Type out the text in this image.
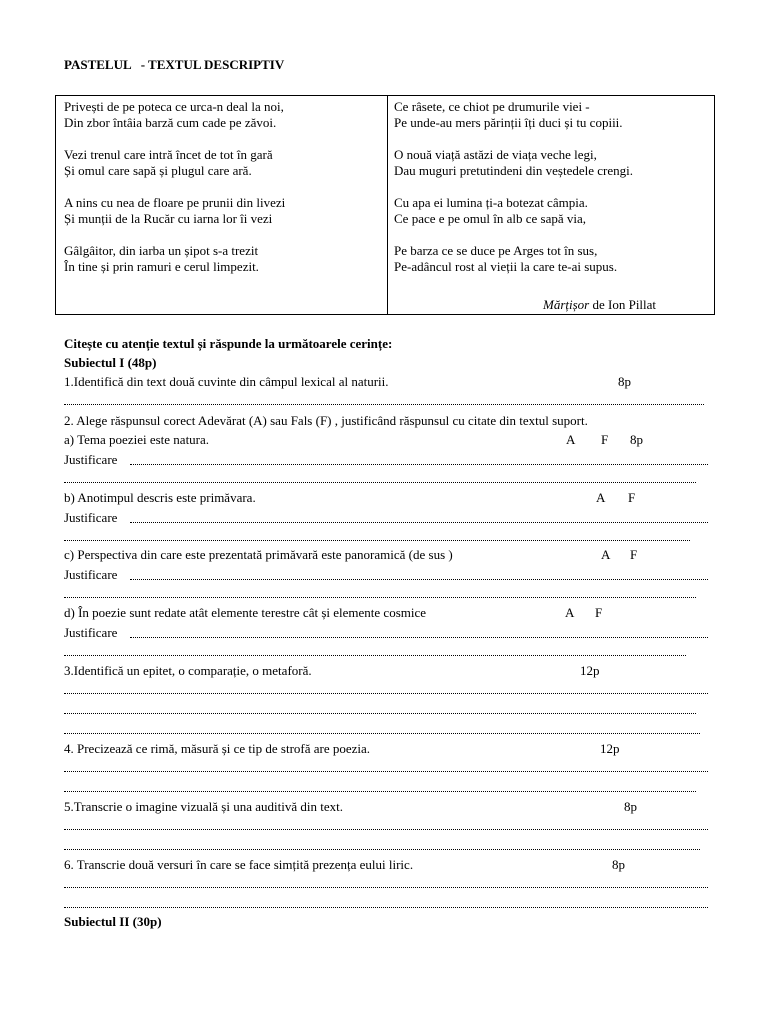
PASTELUL   - TEXTUL DESCRIPTIV
Privești de pe poteca ce urca-n deal la noi,
Din zbor întâia barză cum cade pe zăvoi.
Vezi trenul care intră încet de tot în gară
Și omul care sapă și plugul care ară.
A nins cu nea de floare pe prunii din livezi
Și munții de la Rucăr cu iarna lor îi vezi
Gâlgâitor, din iarba un șipot s-a trezit
În tine și prin ramuri e cerul limpezit.
Ce râsete, ce chiot pe drumurile viei -
Pe unde-au mers părinții îți duci și tu copiii.
O nouă viață astăzi de viața veche legi,
Dau muguri pretutindeni din veștedele crengi.
Cu apa ei lumina ți-a botezat câmpia.
Ce pace e pe omul în alb ce sapă via,
Pe barza ce se duce pe Arges tot în sus,
Pe-adâncul rost al vieții la care te-ai supus.
Mărțișor de Ion Pillat
Citește cu atenție textul și răspunde la următoarele cerințe:
Subiectul I (48p)
1.Identifică din text două cuvinte din câmpul lexical al naturii.	8p
2. Alege răspunsul corect Adevărat (A) sau Fals (F) , justificând răspunsul cu citate din textul suport.
a) Tema poeziei este natura.	A F 8p
Justificare
b) Anotimpul descris este primăvara.	A F
Justificare
c) Perspectiva din care este prezentată primăvară este panoramică (de sus )	A F
Justificare
d) În poezie sunt redate atât elemente terestre cât și elemente cosmice	A F
Justificare
3.Identifică un epitet, o comparație, o metaforă.	12p
4. Precizează ce rimă, măsură și ce tip de strofă are poezia.	12p
5.Transcrie o imagine vizuală și una auditivă din text.	8p
6. Transcrie două versuri în care se face simțită prezența eului liric.	8p
Subiectul II (30p)
